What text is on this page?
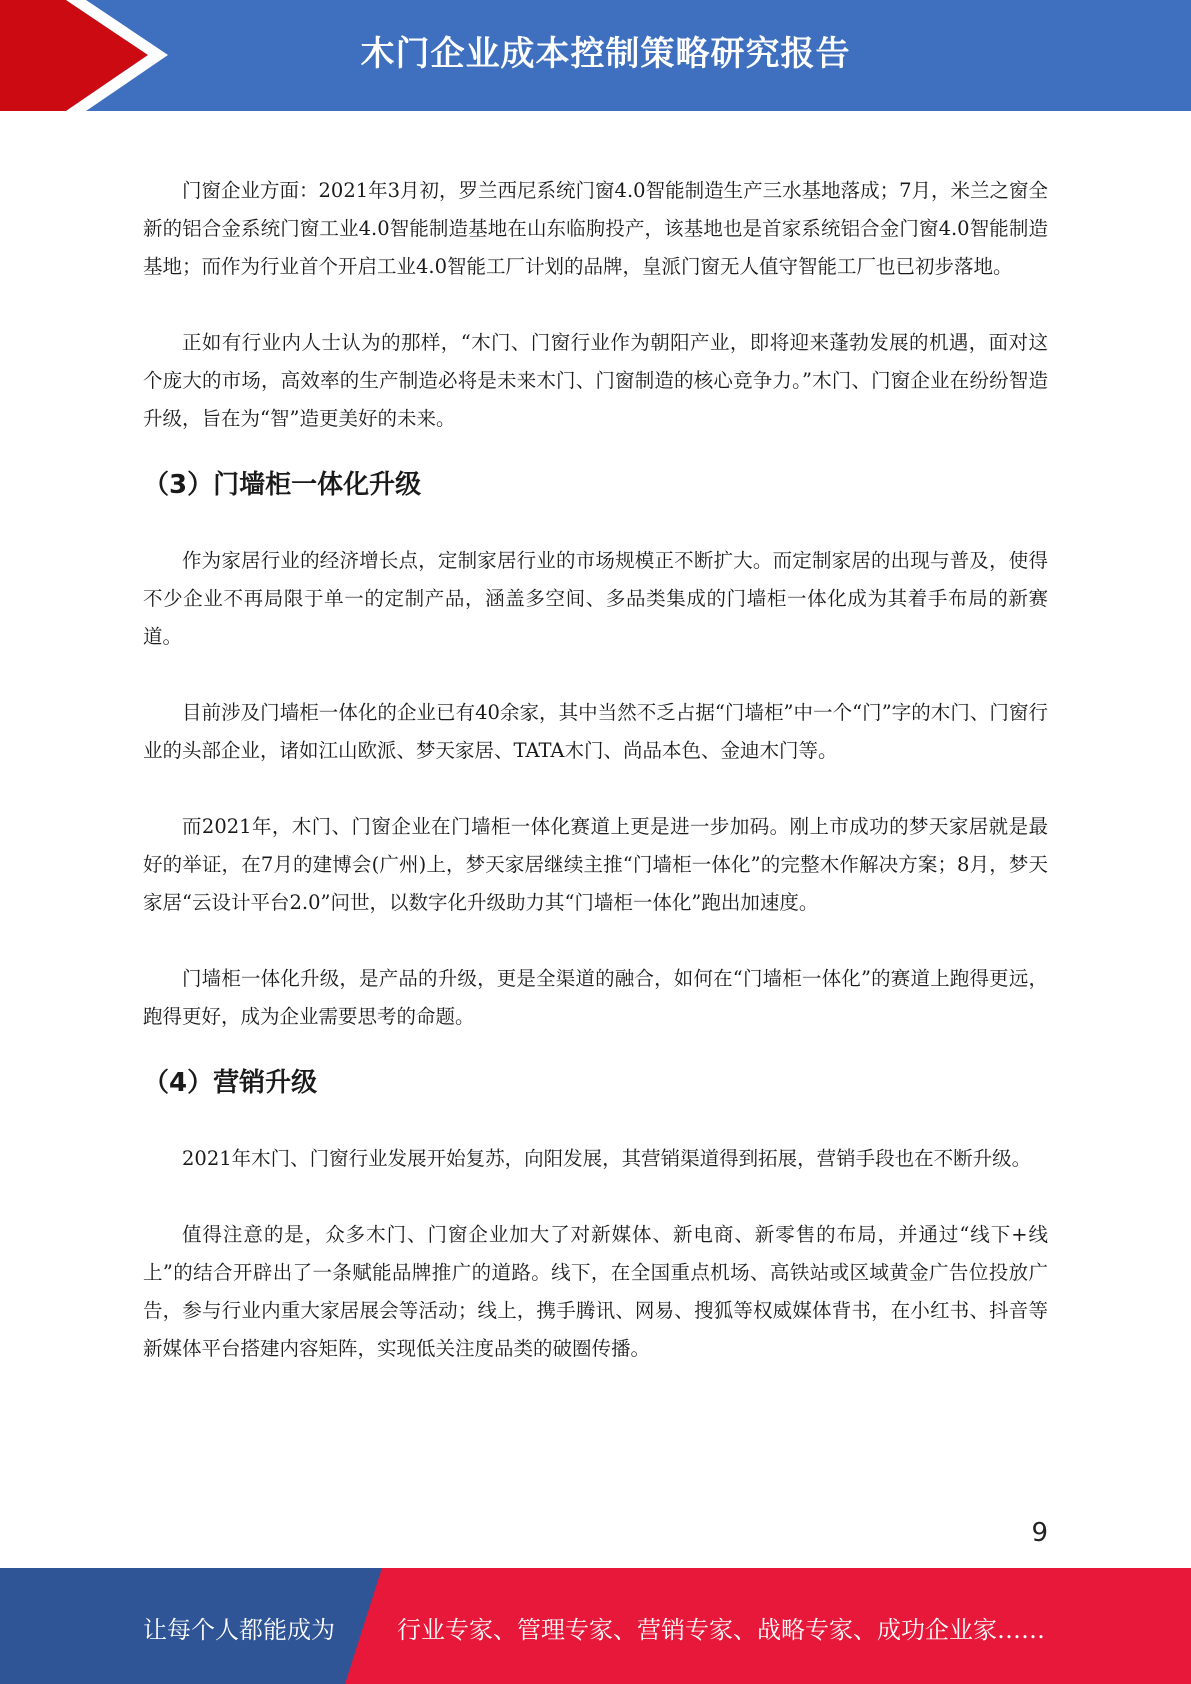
木门企业成本控制策略研究报告

门窗企业方面：2021年3月初，罗兰西尼系统门窗4.0智能制造生产三水基地落成；7月，米兰之窗全新的铝合金系统门窗工业4.0智能制造基地在山东临朐投产，该基地也是首家系统铝合金门窗4.0智能制造基地；而作为行业首个开启工业4.0智能工厂计划的品牌，皇派门窗无人值守智能工厂也已初步落地。

正如有行业内人士认为的那样，“木门、门窗行业作为朝阳产业，即将迎来蓬勃发展的机遇，面对这个庞大的市场，高效率的生产制造必将是未来木门、门窗制造的核心竞争力。”木门、门窗企业在纷纷智造升级，旨在为“智”造更美好的未来。

（3）门墙柜一体化升级

作为家居行业的经济增长点，定制家居行业的市场规模正不断扩大。而定制家居的出现与普及，使得不少企业不再局限于单一的定制产品，涵盖多空间、多品类集成的门墙柜一体化成为其着手布局的新赛道。

目前涉及门墙柜一体化的企业已有40余家，其中当然不乏占据“门墙柜”中一个“门”字的木门、门窗行业的头部企业，诸如江山欧派、梦天家居、TATA木门、尚品本色、金迪木门等。

而2021年，木门、门窗企业在门墙柜一体化赛道上更是进一步加码。刚上市成功的梦天家居就是最好的举证，在7月的建博会(广州)上，梦天家居继续主推“门墙柜一体化”的完整木作解决方案；8月，梦天家居“云设计平台2.0”问世，以数字化升级助力其“门墙柜一体化”跑出加速度。

门墙柜一体化升级，是产品的升级，更是全渠道的融合，如何在“门墙柜一体化”的赛道上跑得更远，跑得更好，成为企业需要思考的命题。

（4）营销升级

2021年木门、门窗行业发展开始复苏，向阳发展，其营销渠道得到拓展，营销手段也在不断升级。

值得注意的是，众多木门、门窗企业加大了对新媒体、新电商、新零售的布局，并通过“线下+线上”的结合开辟出了一条赋能品牌推广的道路。线下，在全国重点机场、高铁站或区域黄金广告位投放广告，参与行业内重大家居展会等活动；线上，携手腾讯、网易、搜狐等权威媒体背书，在小红书、抖音等新媒体平台搭建内容矩阵，实现低关注度品类的破圈传播。

9
让每个人都能成为	行业专家、管理专家、营销专家、战略专家、成功企业家……
